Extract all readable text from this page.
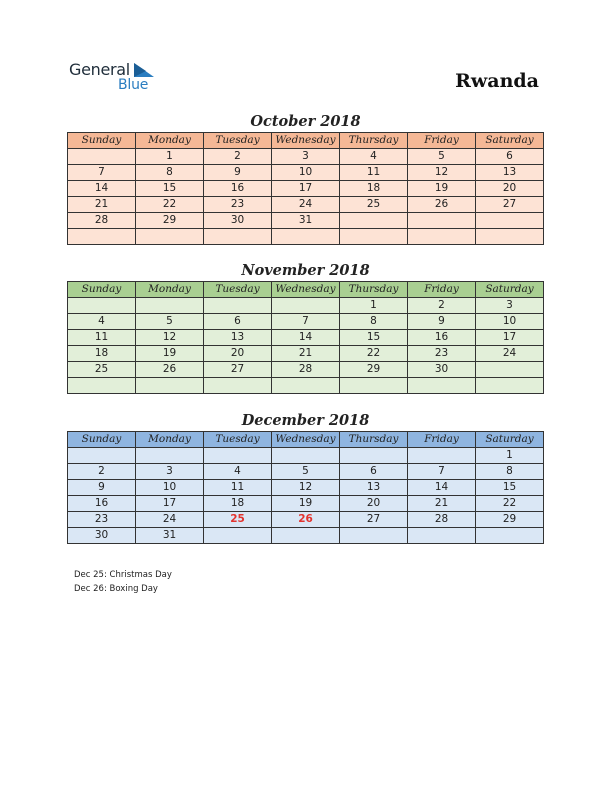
General
Blue	Rwanda
October 2018
Sunday	Monday	Tuesday	Wednesday	Thursday	Friday	Saturday
	1	2	3	4	5	6
7	8	9	10	11	12	13
14	15	16	17	18	19	20
21	22	23	24	25	26	27
28	29	30	31			

November 2018
Sunday	Monday	Tuesday	Wednesday	Thursday	Friday	Saturday
				1	2	3
4	5	6	7	8	9	10
11	12	13	14	15	16	17
18	19	20	21	22	23	24
25	26	27	28	29	30	

December 2018
Sunday	Monday	Tuesday	Wednesday	Thursday	Friday	Saturday
						1
2	3	4	5	6	7	8
9	10	11	12	13	14	15
16	17	18	19	20	21	22
23	24	25	26	27	28	29
30	31					
Dec 25: Christmas Day
Dec 26: Boxing Day
